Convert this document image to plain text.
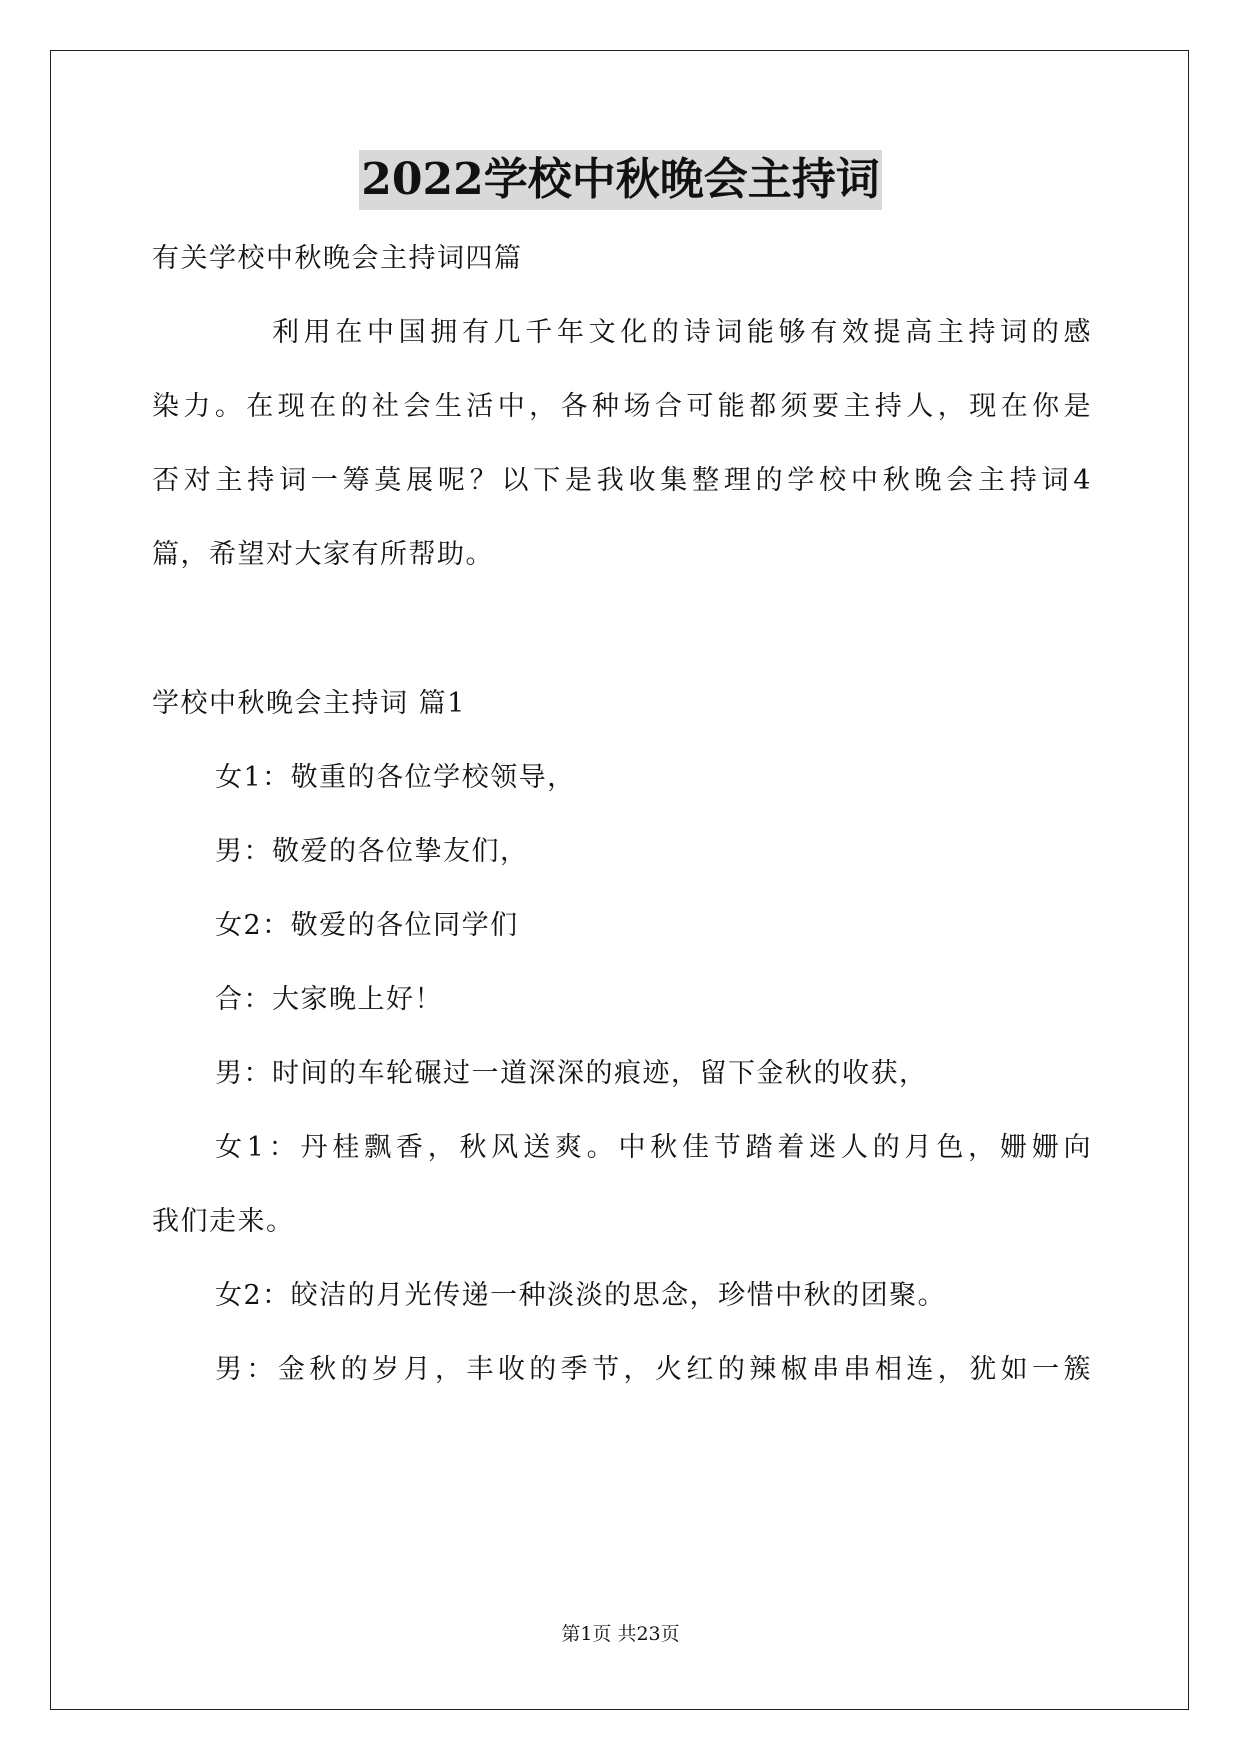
2022学校中秋晚会主持词
有关学校中秋晚会主持词四篇
利用在中国拥有几千年文化的诗词能够有效提高主持词的感
染力。在现在的社会生活中，各种场合可能都须要主持人，现在你是
否对主持词一筹莫展呢？以下是我收集整理的学校中秋晚会主持词4
篇，希望对大家有所帮助。
学校中秋晚会主持词 篇1
女1：敬重的各位学校领导，
男：敬爱的各位挚友们，
女2：敬爱的各位同学们
合：大家晚上好！
男：时间的车轮碾过一道深深的痕迹，留下金秋的收获，
女1：丹桂飘香，秋风送爽。中秋佳节踏着迷人的月色，姗姗向
我们走来。
女2：皎洁的月光传递一种淡淡的思念，珍惜中秋的团聚。
男：金秋的岁月，丰收的季节，火红的辣椒串串相连，犹如一簇
第1页 共23页
